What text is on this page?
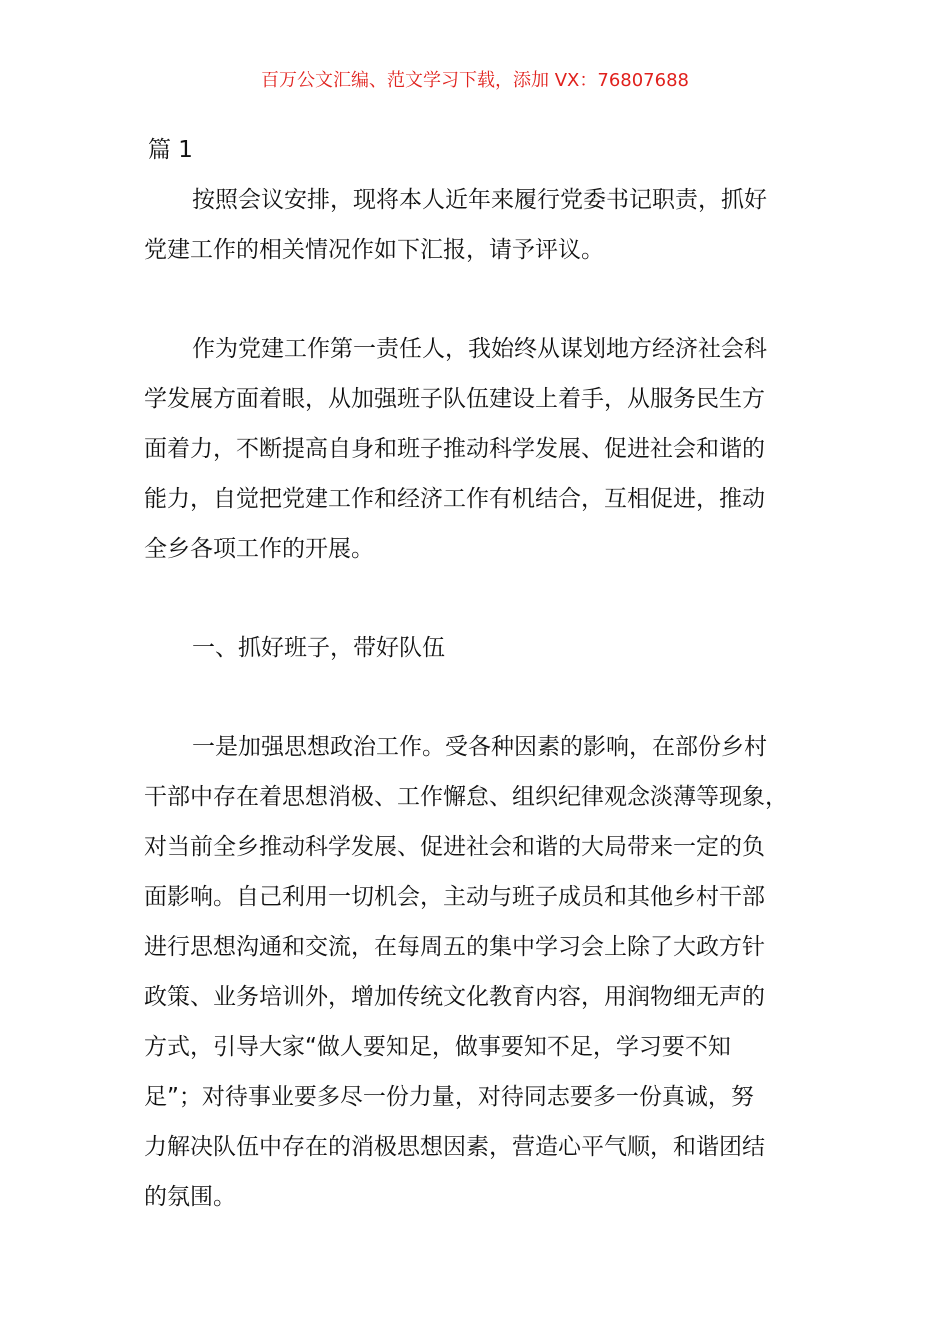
百万公文汇编、范文学习下载，添加 VX：76807688
篇 1
按照会议安排，现将本人近年来履行党委书记职责，抓好
党建工作的相关情况作如下汇报，请予评议。
作为党建工作第一责任人，我始终从谋划地方经济社会科
学发展方面着眼，从加强班子队伍建设上着手，从服务民生方
面着力，不断提高自身和班子推动科学发展、促进社会和谐的
能力，自觉把党建工作和经济工作有机结合，互相促进，推动
全乡各项工作的开展。
一、抓好班子，带好队伍
一是加强思想政治工作。受各种因素的影响，在部份乡村
干部中存在着思想消极、工作懈怠、组织纪律观念淡薄等现象，
对当前全乡推动科学发展、促进社会和谐的大局带来一定的负
面影响。自己利用一切机会，主动与班子成员和其他乡村干部
进行思想沟通和交流，在每周五的集中学习会上除了大政方针
政策、业务培训外，增加传统文化教育内容，用润物细无声的
方式，引导大家“做人要知足，做事要知不足，学习要不知
足”；对待事业要多尽一份力量，对待同志要多一份真诚，努
力解决队伍中存在的消极思想因素，营造心平气顺，和谐团结
的氛围。
